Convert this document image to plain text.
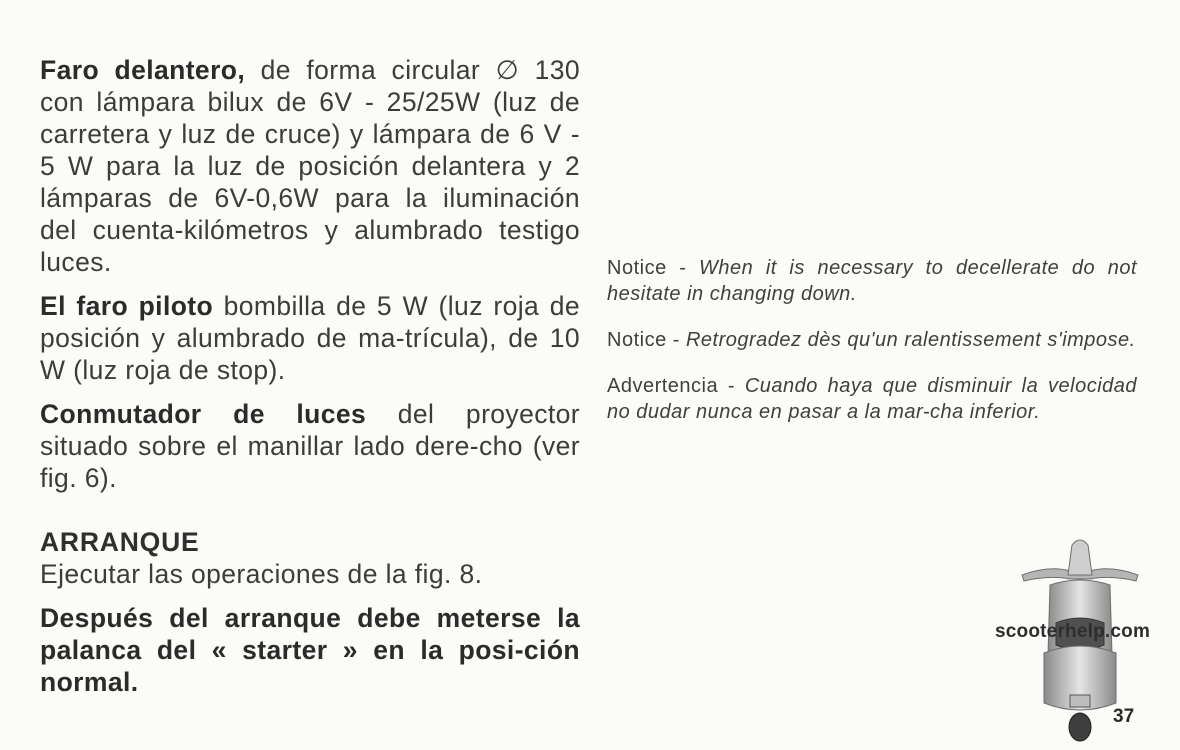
Faro delantero, de forma circular ∅ 130 con lámpara bilux de 6V - 25/25W (luz de carretera y luz de cruce) y lámpara de 6 V - 5 W para la luz de posición delantera y 2 lámparas de 6V-0,6W para la iluminación del cuenta-kilómetros y alumbrado testigo luces.

El faro piloto bombilla de 5 W (luz roja de posición y alumbrado de ma-trícula), de 10 W (luz roja de stop).

Conmutador de luces del proyector situado sobre el manillar lado dere-cho (ver fig. 6).

ARRANQUE

Ejecutar las operaciones de la fig. 8.

Después del arranque debe meterse la palanca del « starter » en la posi-ción normal.

Notice - When it is necessary to decellerate do not hesitate in changing down.

Notice - Retrogradez dès qu'un ralentissement s'impose.

Advertencia - Cuando haya que disminuir la velocidad no dudar nunca en pasar a la mar-cha inferior.

scooterhelp.com
37
